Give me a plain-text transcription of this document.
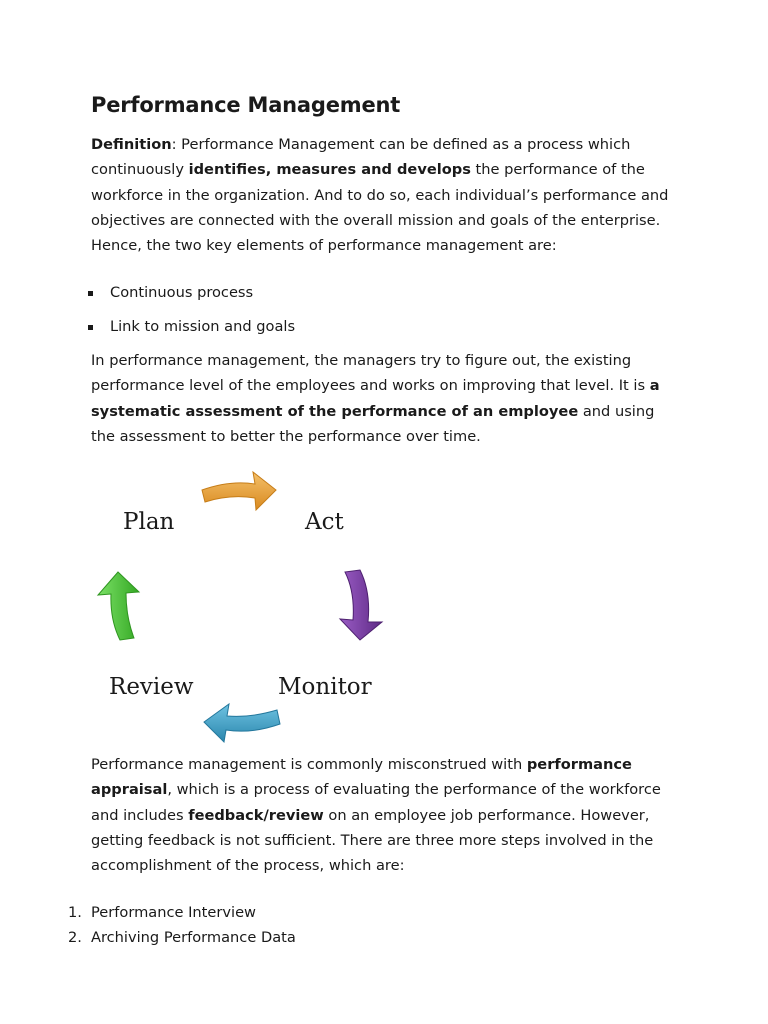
Performance Management

Definition: Performance Management can be defined as a process which continuously identifies, measures and develops the performance of the workforce in the organization. And to do so, each individual’s performance and objectives are connected with the overall mission and goals of the enterprise. Hence, the two key elements of performance management are:

Continuous process
Link to mission and goals

In performance management, the managers try to figure out, the existing performance level of the employees and works on improving that level. It is a systematic assessment of the performance of an employee and using the assessment to better the performance over time.

Plan	Act
Monitor
Review

Performance management is commonly misconstrued with performance appraisal, which is a process of evaluating the performance of the workforce and includes feedback/review on an employee job performance. However, getting feedback is not sufficient. There are three more steps involved in the accomplishment of the process, which are:

1. Performance Interview
2. Archiving Performance Data
